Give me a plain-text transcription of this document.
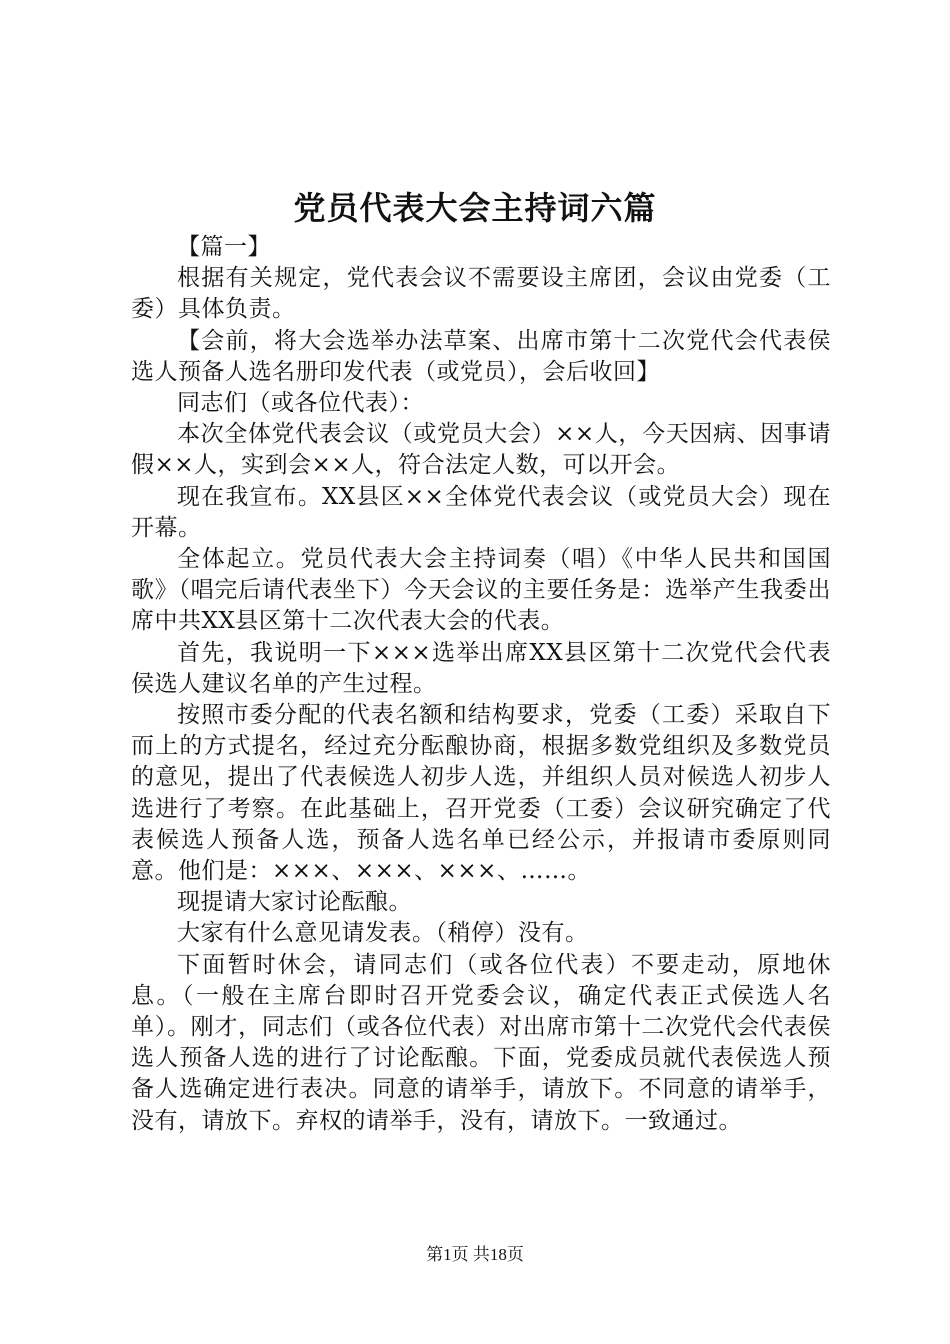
党员代表大会主持词六篇

【篇一】

根据有关规定，党代表会议不需要设主席团，会议由党委（工委）具体负责。

【会前，将大会选举办法草案、出席市第十二次党代会代表侯选人预备人选名册印发代表（或党员），会后收回】

同志们（或各位代表）：

本次全体党代表会议（或党员大会）××人，今天因病、因事请假××人，实到会××人，符合法定人数，可以开会。

现在我宣布。XX县区××全体党代表会议（或党员大会）现在开幕。

全体起立。党员代表大会主持词奏（唱）《中华人民共和国国歌》（唱完后请代表坐下）今天会议的主要任务是：选举产生我委出席中共XX县区第十二次代表大会的代表。

首先，我说明一下×××选举出席XX县区第十二次党代会代表侯选人建议名单的产生过程。

按照市委分配的代表名额和结构要求，党委（工委）采取自下而上的方式提名，经过充分酝酿协商，根据多数党组织及多数党员的意见，提出了代表候选人初步人选，并组织人员对候选人初步人选进行了考察。在此基础上，召开党委（工委）会议研究确定了代表候选人预备人选，预备人选名单已经公示，并报请市委原则同意。他们是：×××、×××、×××、……。

现提请大家讨论酝酿。

大家有什么意见请发表。（稍停）没有。

下面暂时休会，请同志们（或各位代表）不要走动，原地休息。（一般在主席台即时召开党委会议，确定代表正式侯选人名单）。刚才，同志们（或各位代表）对出席市第十二次党代会代表侯选人预备人选的进行了讨论酝酿。下面，党委成员就代表侯选人预备人选确定进行表决。同意的请举手，请放下。不同意的请举手，没有，请放下。弃权的请举手，没有，请放下。一致通过。

第1页 共18页
